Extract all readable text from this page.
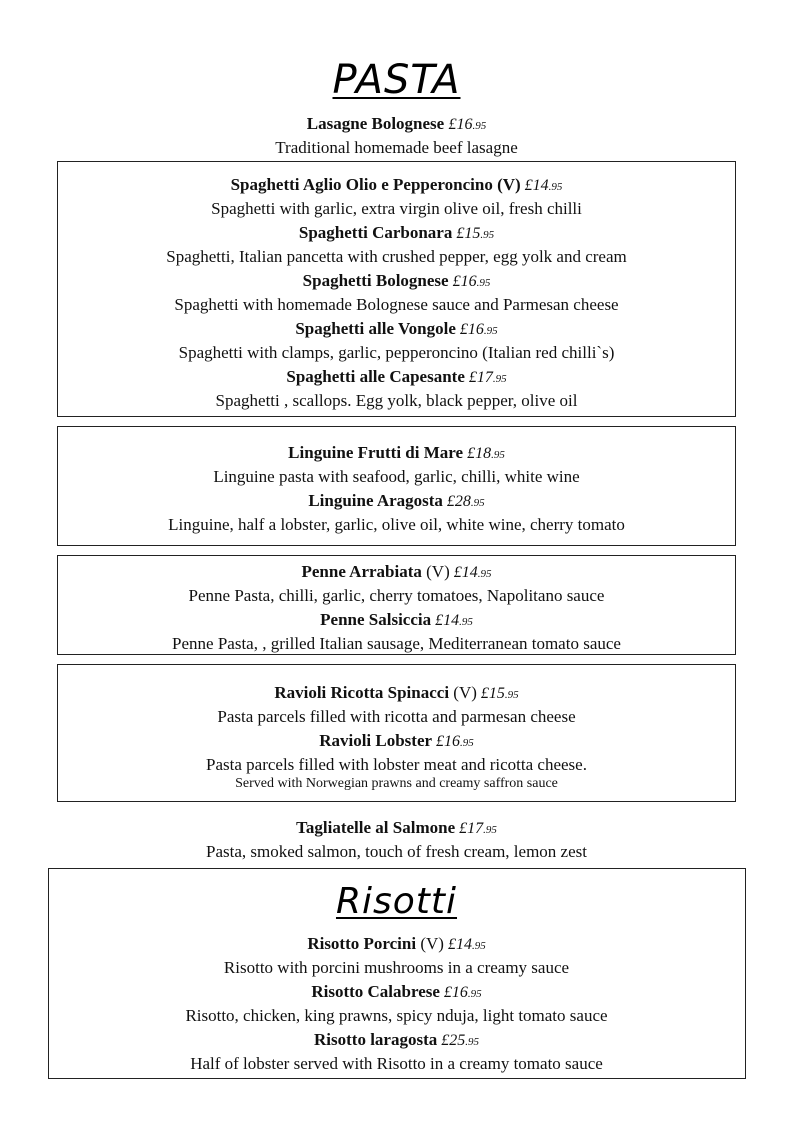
PASTA
Lasagne Bolognese £16.95
Traditional homemade beef lasagne
Spaghetti Aglio Olio e Pepperoncino (V) £14.95
Spaghetti with garlic, extra virgin olive oil, fresh chilli
Spaghetti Carbonara £15.95
Spaghetti, Italian pancetta with crushed pepper, egg yolk and cream
Spaghetti Bolognese £16.95
Spaghetti with homemade Bolognese sauce and Parmesan cheese
Spaghetti alle Vongole £16.95
Spaghetti with clamps, garlic, pepperoncino (Italian red chilli`s)
Spaghetti alle Capesante £17.95
Spaghetti , scallops. Egg yolk, black pepper, olive oil
Linguine Frutti di Mare £18.95
Linguine pasta with seafood, garlic, chilli, white wine
Linguine Aragosta £28.95
Linguine, half a lobster, garlic, olive oil, white wine, cherry tomato
Penne Arrabiata (V) £14.95
Penne Pasta, chilli, garlic, cherry tomatoes, Napolitano sauce
Penne Salsiccia £14.95
Penne Pasta, , grilled Italian sausage, Mediterranean tomato sauce
Ravioli Ricotta Spinacci (V) £15.95
Pasta parcels filled with ricotta and parmesan cheese
Ravioli Lobster £16.95
Pasta parcels filled with lobster meat and ricotta cheese.
Served with Norwegian prawns and creamy saffron sauce
Tagliatelle al Salmone £17.95
Pasta, smoked salmon, touch of fresh cream, lemon zest
Risotti
Risotto Porcini (V) £14.95
Risotto with porcini mushrooms in a creamy sauce
Risotto Calabrese £16.95
Risotto, chicken, king prawns, spicy nduja, light tomato sauce
Risotto laragosta £25.95
Half of lobster served with Risotto in a creamy tomato sauce
